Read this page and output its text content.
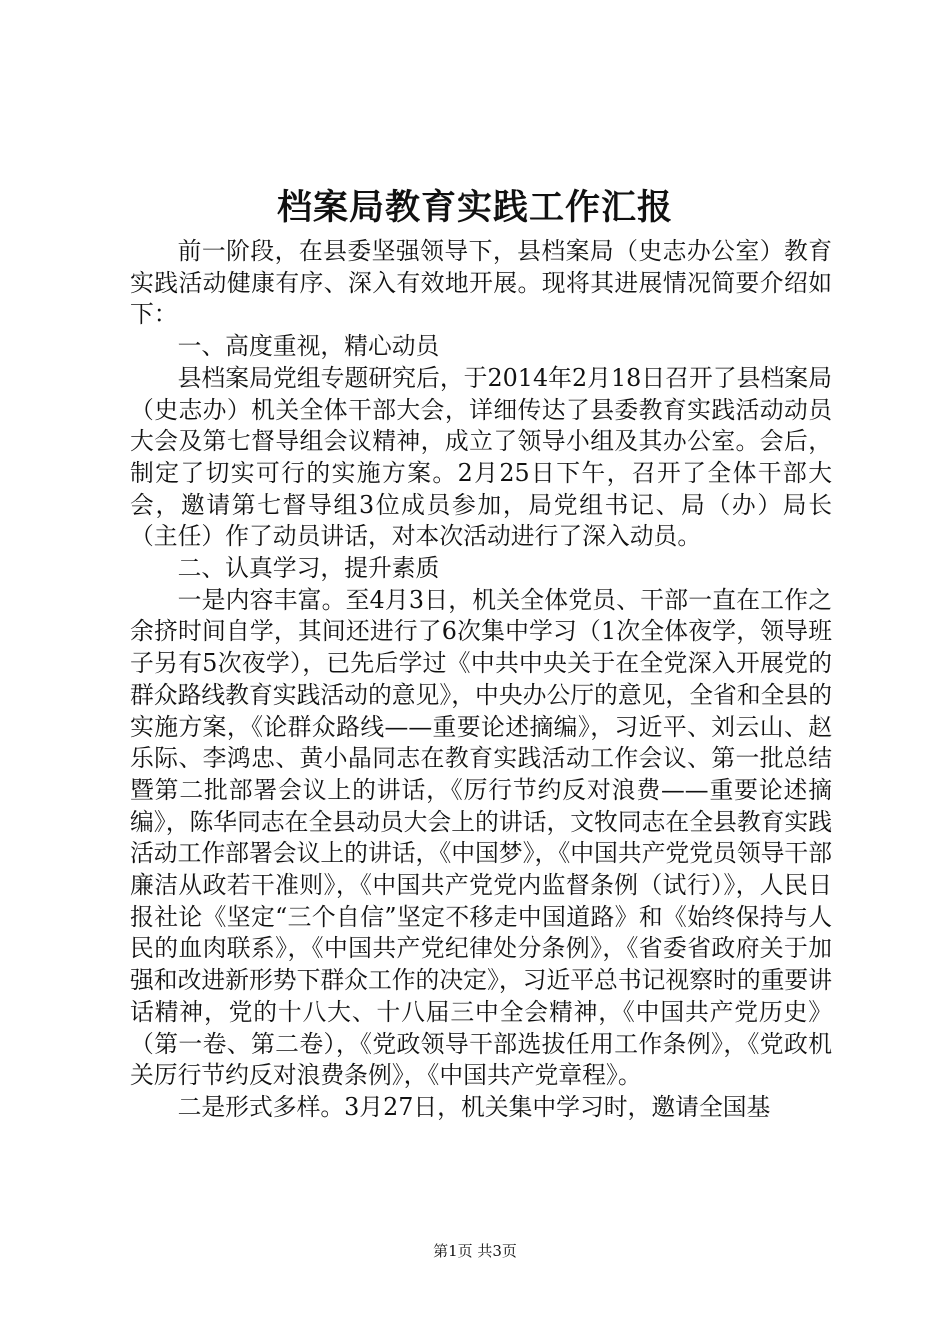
档案局教育实践工作汇报

前一阶段，在县委坚强领导下，县档案局（史志办公室）教育实践活动健康有序、深入有效地开展。现将其进展情况简要介绍如下：

一、高度重视，精心动员

县档案局党组专题研究后，于2014年2月18日召开了县档案局（史志办）机关全体干部大会，详细传达了县委教育实践活动动员大会及第七督导组会议精神，成立了领导小组及其办公室。会后，制定了切实可行的实施方案。2月25日下午，召开了全体干部大会，邀请第七督导组3位成员参加，局党组书记、局（办）局长（主任）作了动员讲话，对本次活动进行了深入动员。

二、认真学习，提升素质

一是内容丰富。至4月3日，机关全体党员、干部一直在工作之余挤时间自学，其间还进行了6次集中学习（1次全体夜学，领导班子另有5次夜学），已先后学过《中共中央关于在全党深入开展党的群众路线教育实践活动的意见》，中央办公厅的意见，全省和全县的实施方案，《论群众路线——重要论述摘编》，习近平、刘云山、赵乐际、李鸿忠、黄小晶同志在教育实践活动工作会议、第一批总结暨第二批部署会议上的讲话，《厉行节约反对浪费——重要论述摘编》，陈华同志在全县动员大会上的讲话，文牧同志在全县教育实践活动工作部署会议上的讲话，《中国梦》，《中国共产党党员领导干部廉洁从政若干准则》，《中国共产党党内监督条例（试行）》，人民日报社论《坚定“三个自信”坚定不移走中国道路》和《始终保持与人民的血肉联系》，《中国共产党纪律处分条例》，《省委省政府关于加强和改进新形势下群众工作的决定》，习近平总书记视察时的重要讲话精神，党的十八大、十八届三中全会精神，《中国共产党历史》（第一卷、第二卷），《党政领导干部选拔任用工作条例》，《党政机关厉行节约反对浪费条例》，《中国共产党章程》。

二是形式多样。3月27日，机关集中学习时，邀请全国基

第1页 共3页
